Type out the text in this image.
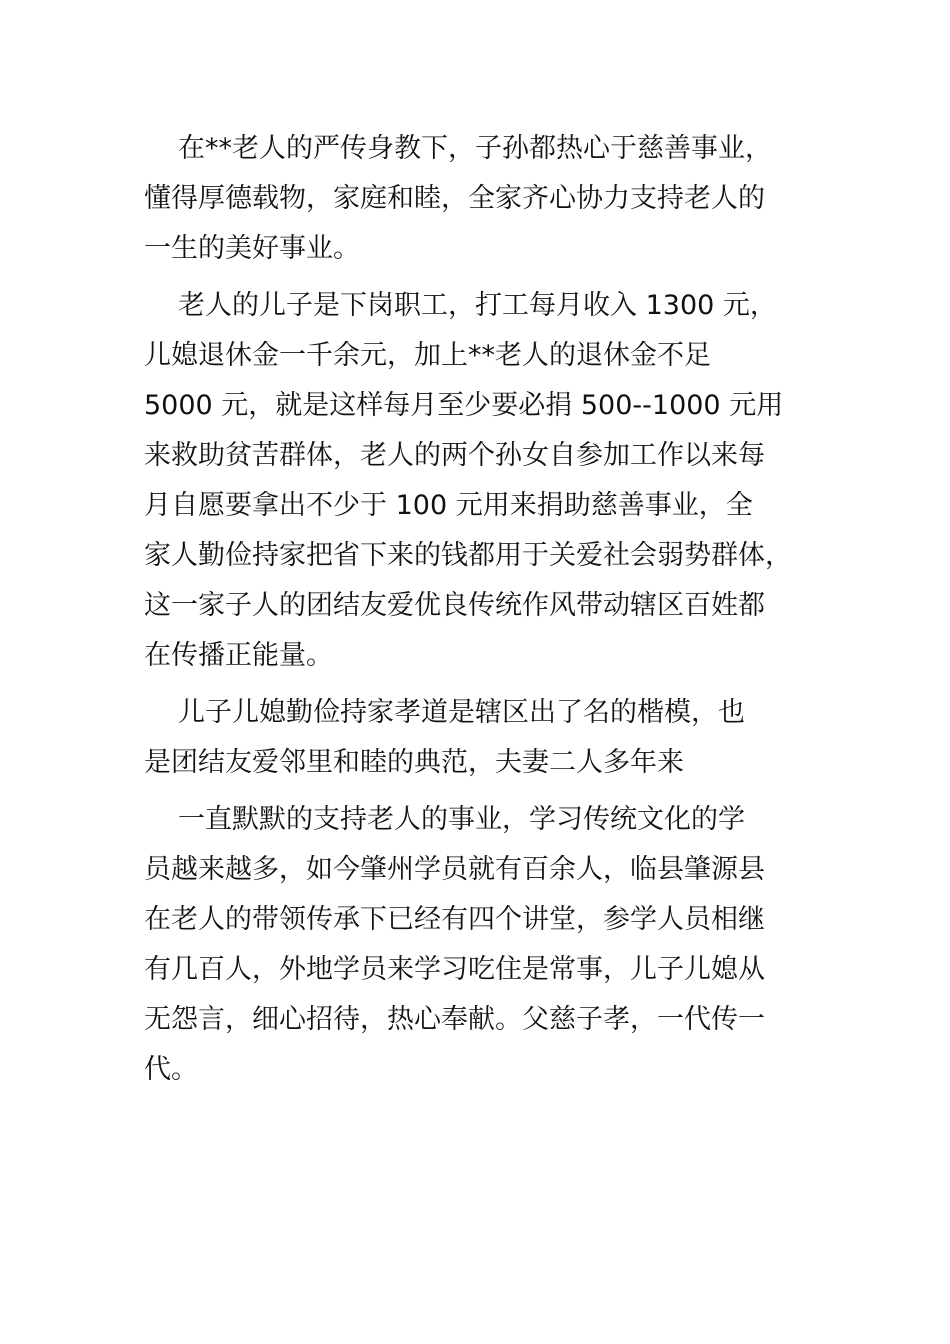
在**老人的严传身教下，子孙都热心于慈善事业，
懂得厚德载物，家庭和睦，全家齐心协力支持老人的
一生的美好事业。
老人的儿子是下岗职工，打工每月收入 1300 元，
儿媳退休金一千余元，加上**老人的退休金不足
5000 元，就是这样每月至少要必捐 500--1000 元用
来救助贫苦群体，老人的两个孙女自参加工作以来每
月自愿要拿出不少于 100 元用来捐助慈善事业，全
家人勤俭持家把省下来的钱都用于关爱社会弱势群体，
这一家子人的团结友爱优良传统作风带动辖区百姓都
在传播正能量。
儿子儿媳勤俭持家孝道是辖区出了名的楷模，也
是团结友爱邻里和睦的典范，夫妻二人多年来
一直默默的支持老人的事业，学习传统文化的学
员越来越多，如今肇州学员就有百余人，临县肇源县
在老人的带领传承下已经有四个讲堂，参学人员相继
有几百人，外地学员来学习吃住是常事，儿子儿媳从
无怨言，细心招待，热心奉献。父慈子孝，一代传一
代。
